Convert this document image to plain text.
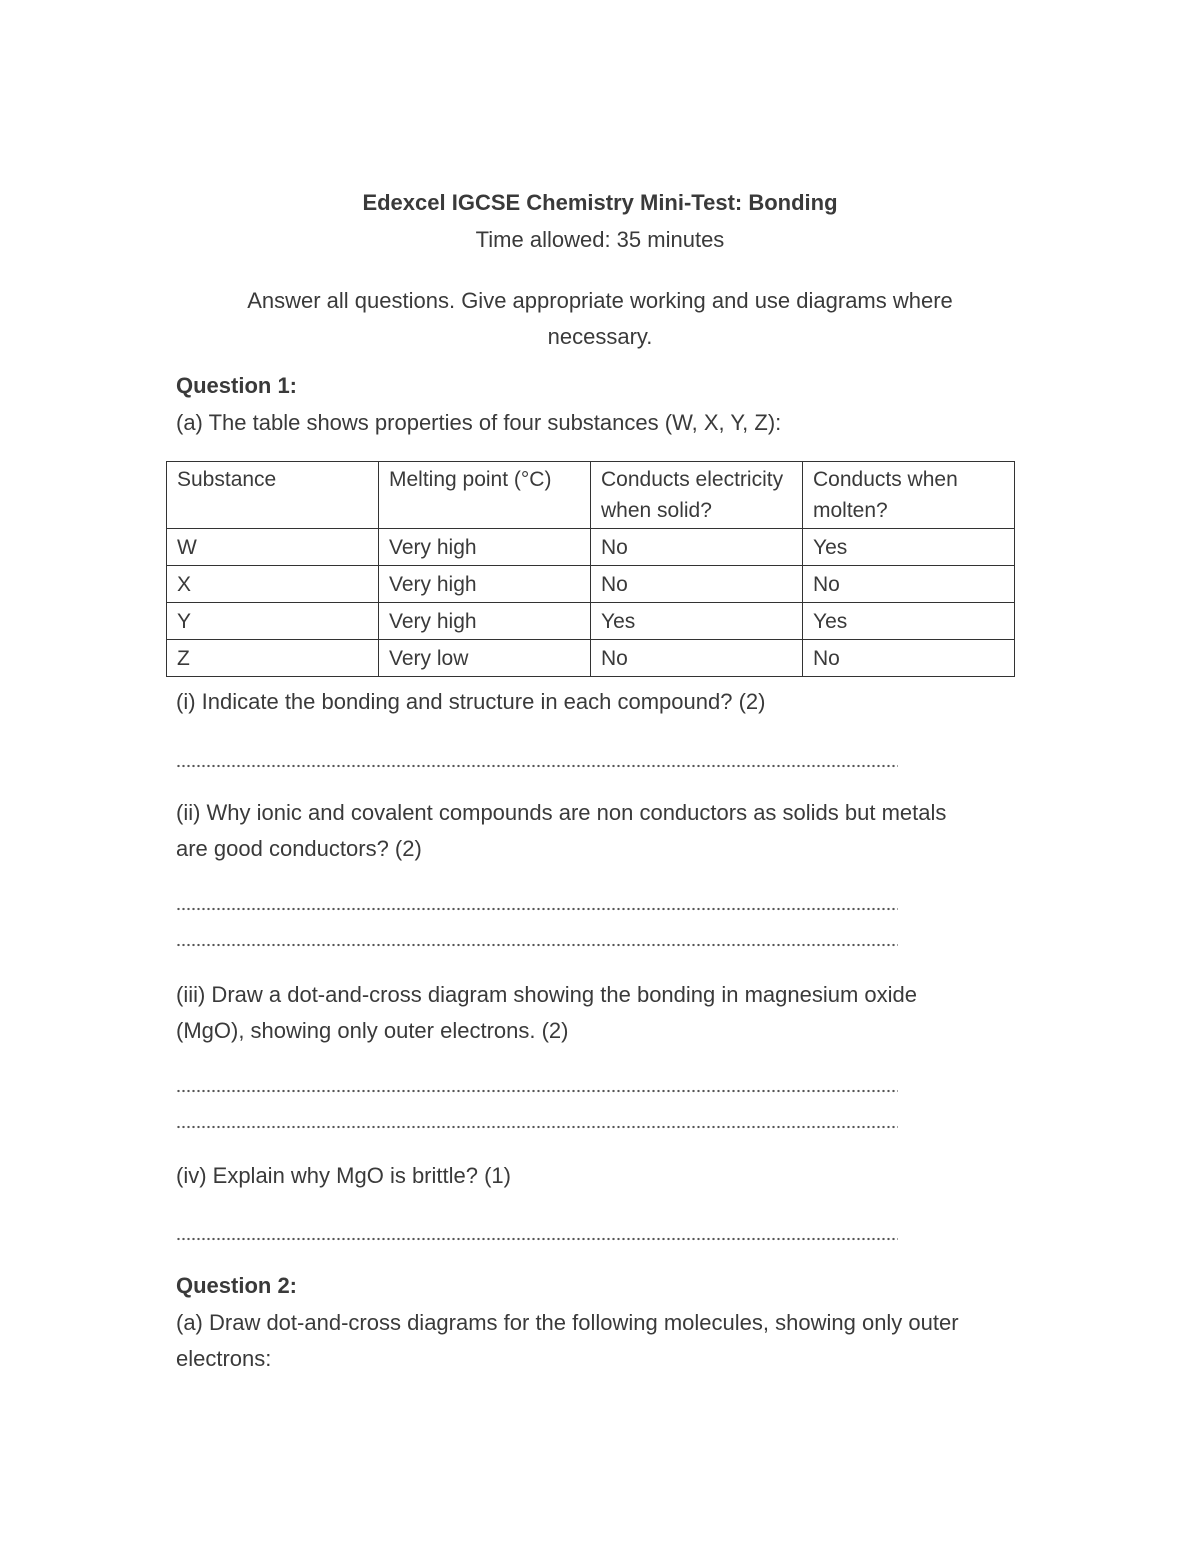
Edexcel IGCSE Chemistry Mini-Test: Bonding
Time allowed: 35 minutes
Answer all questions. Give appropriate working and use diagrams where
necessary.
Question 1:
(a) The table shows properties of four substances (W, X, Y, Z):
Substance	Melting point (°C)	Conducts electricity when solid?	Conducts when molten?
W	Very high	No	Yes
X	Very high	No	No
Y	Very high	Yes	Yes
Z	Very low	No	No
(i) Indicate the bonding and structure in each compound? (2)
(ii) Why ionic and covalent compounds are non conductors as solids but metals
are good conductors? (2)
(iii) Draw a dot-and-cross diagram showing the bonding in magnesium oxide
(MgO), showing only outer electrons. (2)
(iv) Explain why MgO is brittle? (1)
Question 2:
(a) Draw dot-and-cross diagrams for the following molecules, showing only outer
electrons:
